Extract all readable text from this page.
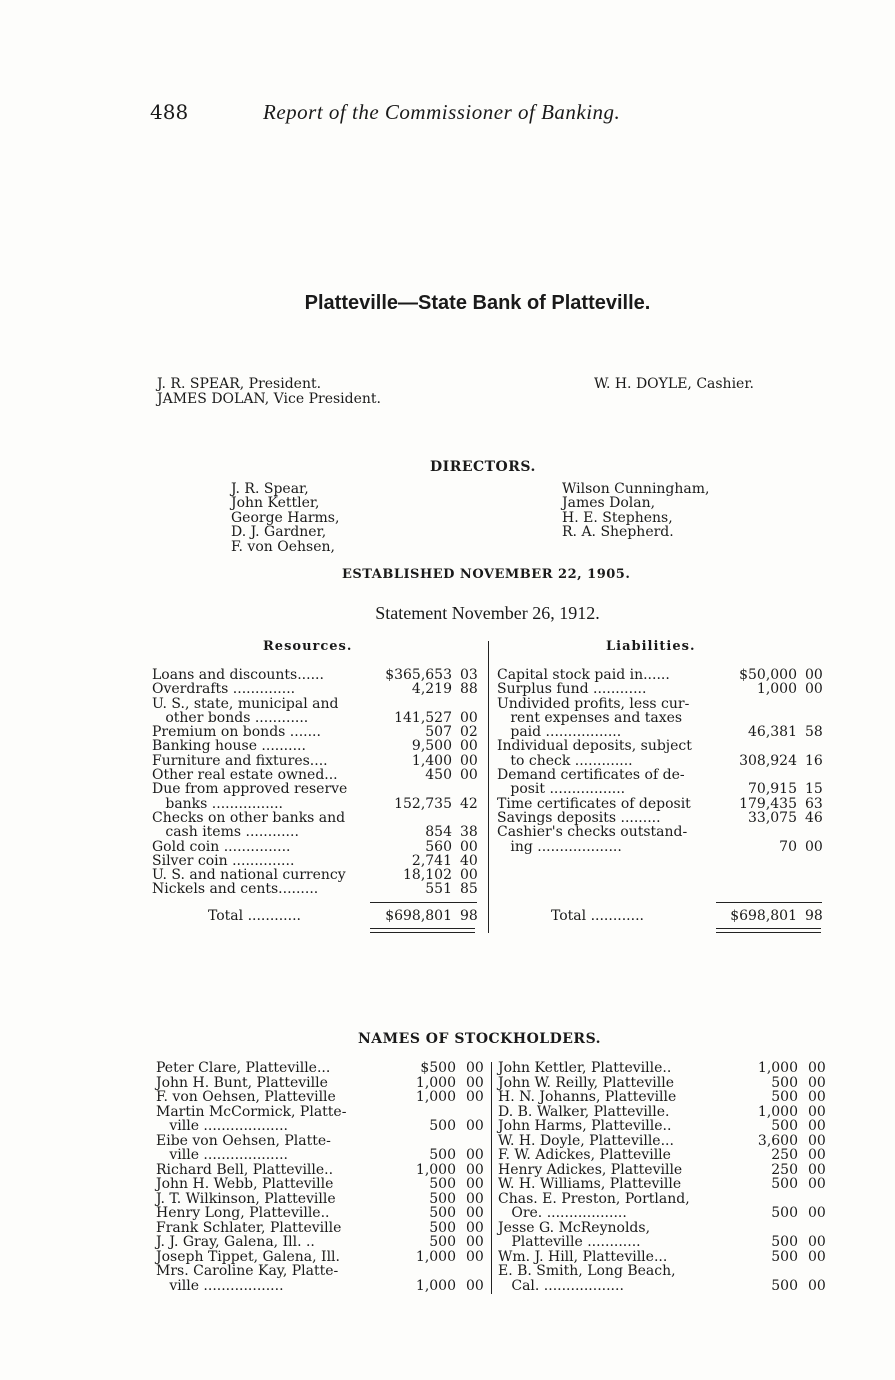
488	Report of the Commissioner of Banking.
Platteville—State Bank of Platteville.
J. R. SPEAR, President.
JAMES DOLAN, Vice President.
W. H. DOYLE, Cashier.
DIRECTORS.
J. R. Spear,
John Kettler,
George Harms,
D. J. Gardner,
F. von Oehsen,
Wilson Cunningham,
James Dolan,
H. E. Stephens,
R. A. Shepherd.
ESTABLISHED NOVEMBER 22, 1905.
Statement November 26, 1912.
Resources.	Liabilities.
Loans and discounts......	$365,653 03
Overdrafts ..............	4,219 88
U. S., state, municipal and
other bonds ............	141,527 00
Premium on bonds .......	507 02
Banking house ..........	9,500 00
Furniture and fixtures....	1,400 00
Other real estate owned...	450 00
Due from approved reserve
banks ................	152,735 42
Checks on other banks and
cash items ............	854 38
Gold coin ...............	560 00
Silver coin ..............	2,741 40
U. S. and national currency	18,102 00
Nickels and cents.........	551 85
Total ............	$698,801 98
Capital stock paid in......	$50,000 00
Surplus fund ............	1,000 00
Undivided profits, less cur-
rent expenses and taxes
paid .................	46,381 58
Individual deposits, subject
to check .............	308,924 16
Demand certificates of de-
posit .................	70,915 15
Time certificates of deposit	179,435 63
Savings deposits .........	33,075 46
Cashier's checks outstand-
ing ...................	70 00
Total ............	$698,801 98
NAMES OF STOCKHOLDERS.
Peter Clare, Platteville...	$500 00
John H. Bunt, Platteville	1,000 00
F. von Oehsen, Platteville	1,000 00
Martin McCormick, Platte-
ville ...................	500 00
Eibe von Oehsen, Platte-
ville ...................	500 00
Richard Bell, Platteville..	1,000 00
John H. Webb, Platteville	500 00
J. T. Wilkinson, Platteville	500 00
Henry Long, Platteville..	500 00
Frank Schlater, Platteville	500 00
J. J. Gray, Galena, Ill. ..	500 00
Joseph Tippet, Galena, Ill.	1,000 00
Mrs. Caroline Kay, Platte-
ville ..................	1,000 00
John Kettler, Platteville..	1,000 00
John W. Reilly, Platteville	500 00
H. N. Johanns, Platteville	500 00
D. B. Walker, Platteville.	1,000 00
John Harms, Platteville..	500 00
W. H. Doyle, Platteville...	3,600 00
F. W. Adickes, Platteville	250 00
Henry Adickes, Platteville	250 00
W. H. Williams, Platteville	500 00
Chas. E. Preston, Portland,
Ore. ..................	500 00
Jesse G. McReynolds,
Platteville ............	500 00
Wm. J. Hill, Platteville...	500 00
E. B. Smith, Long Beach,
Cal. ..................	500 00
